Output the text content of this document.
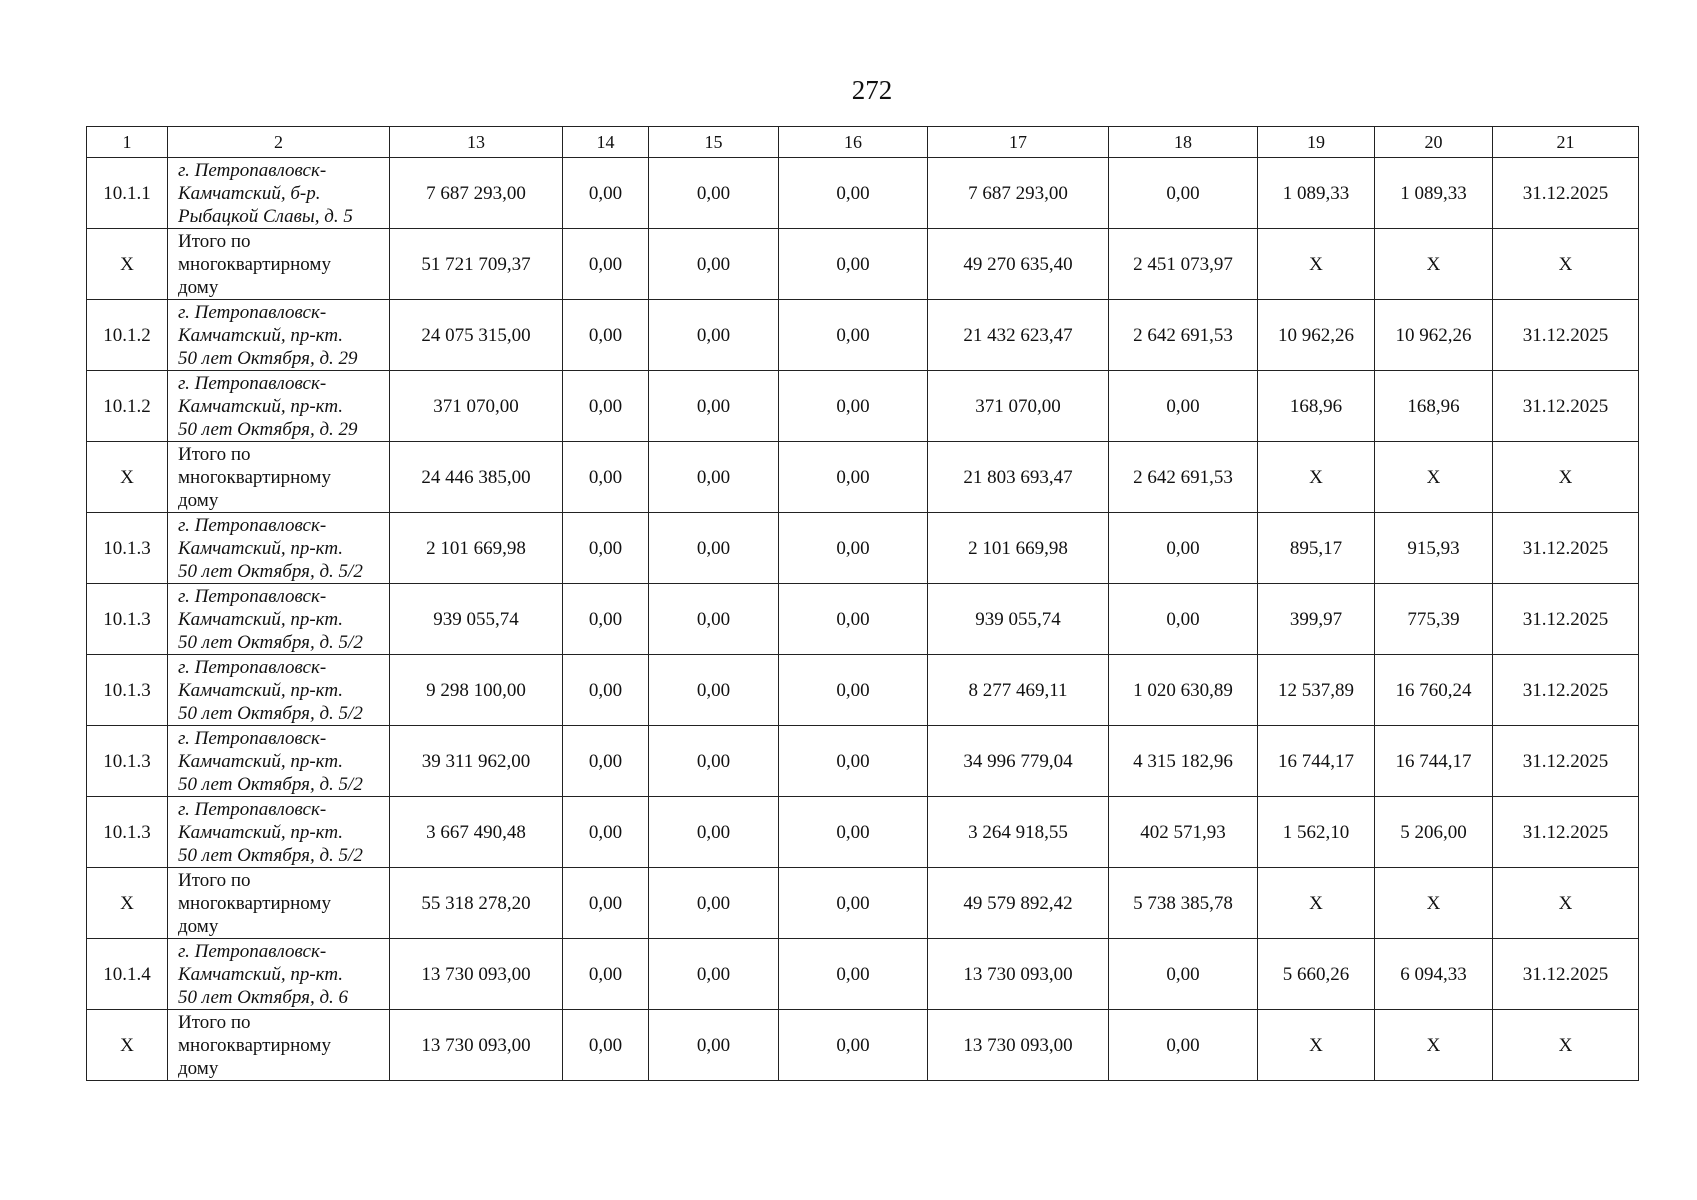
272
1	2	13	14	15	16	17	18	19	20	21
10.1.1	г. Петропавловск-
Камчатский, б-р.
Рыбацкой Славы, д. 5	7 687 293,00	0,00	0,00	0,00	7 687 293,00	0,00	1 089,33	1 089,33	31.12.2025
X	Итого по
многоквартирному
дому	51 721 709,37	0,00	0,00	0,00	49 270 635,40	2 451 073,97	X	X	X
10.1.2	г. Петропавловск-
Камчатский, пр-кт.
50 лет Октября, д. 29	24 075 315,00	0,00	0,00	0,00	21 432 623,47	2 642 691,53	10 962,26	10 962,26	31.12.2025
10.1.2	г. Петропавловск-
Камчатский, пр-кт.
50 лет Октября, д. 29	371 070,00	0,00	0,00	0,00	371 070,00	0,00	168,96	168,96	31.12.2025
X	Итого по
многоквартирному
дому	24 446 385,00	0,00	0,00	0,00	21 803 693,47	2 642 691,53	X	X	X
10.1.3	г. Петропавловск-
Камчатский, пр-кт.
50 лет Октября, д. 5/2	2 101 669,98	0,00	0,00	0,00	2 101 669,98	0,00	895,17	915,93	31.12.2025
10.1.3	г. Петропавловск-
Камчатский, пр-кт.
50 лет Октября, д. 5/2	939 055,74	0,00	0,00	0,00	939 055,74	0,00	399,97	775,39	31.12.2025
10.1.3	г. Петропавловск-
Камчатский, пр-кт.
50 лет Октября, д. 5/2	9 298 100,00	0,00	0,00	0,00	8 277 469,11	1 020 630,89	12 537,89	16 760,24	31.12.2025
10.1.3	г. Петропавловск-
Камчатский, пр-кт.
50 лет Октября, д. 5/2	39 311 962,00	0,00	0,00	0,00	34 996 779,04	4 315 182,96	16 744,17	16 744,17	31.12.2025
10.1.3	г. Петропавловск-
Камчатский, пр-кт.
50 лет Октября, д. 5/2	3 667 490,48	0,00	0,00	0,00	3 264 918,55	402 571,93	1 562,10	5 206,00	31.12.2025
X	Итого по
многоквартирному
дому	55 318 278,20	0,00	0,00	0,00	49 579 892,42	5 738 385,78	X	X	X
10.1.4	г. Петропавловск-
Камчатский, пр-кт.
50 лет Октября, д. 6	13 730 093,00	0,00	0,00	0,00	13 730 093,00	0,00	5 660,26	6 094,33	31.12.2025
X	Итого по
многоквартирному
дому	13 730 093,00	0,00	0,00	0,00	13 730 093,00	0,00	X	X	X
